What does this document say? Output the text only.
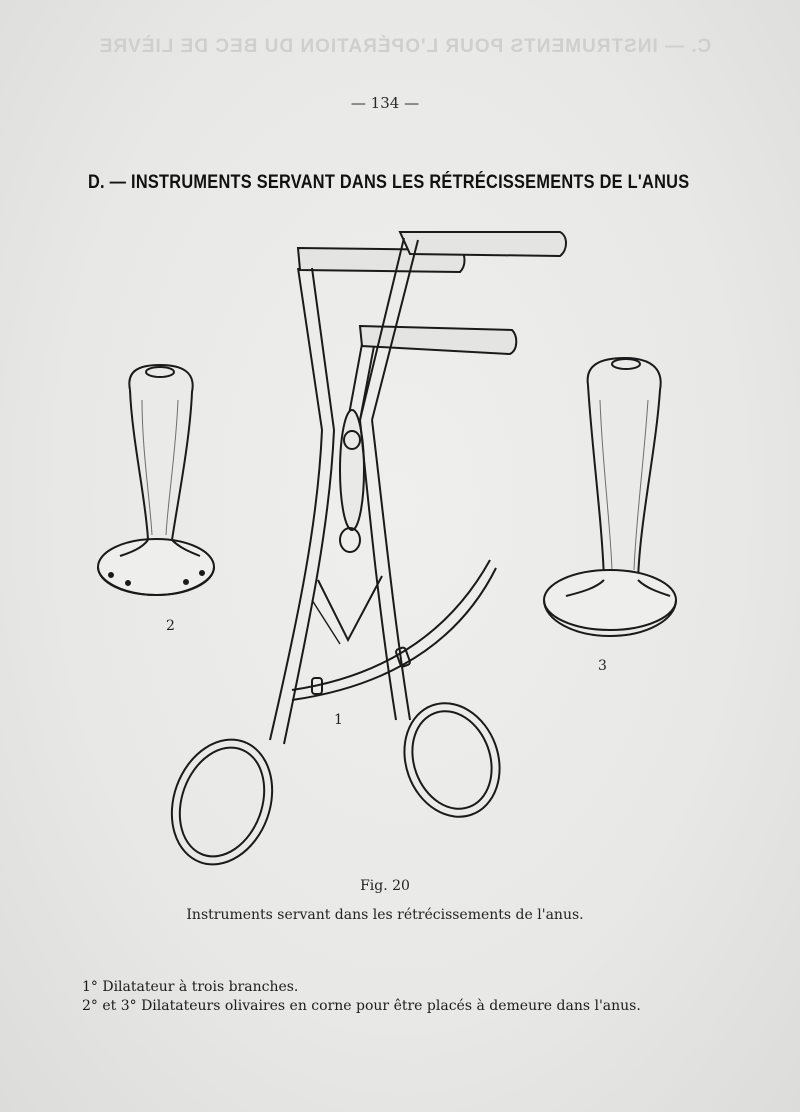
C. — INSTRUMENTS POUR L'OPÉRATION DU BEC DE LIÈVRE
— 134 —
D. — INSTRUMENTS SERVANT DANS LES RÉTRÉCISSEMENTS DE L'ANUS
2
1
3
Fig. 20
Instruments servant dans les rétrécissements de l'anus.
1° Dilatateur à trois branches.
2° et 3° Dilatateurs olivaires en corne pour être placés à demeure dans l'anus.
